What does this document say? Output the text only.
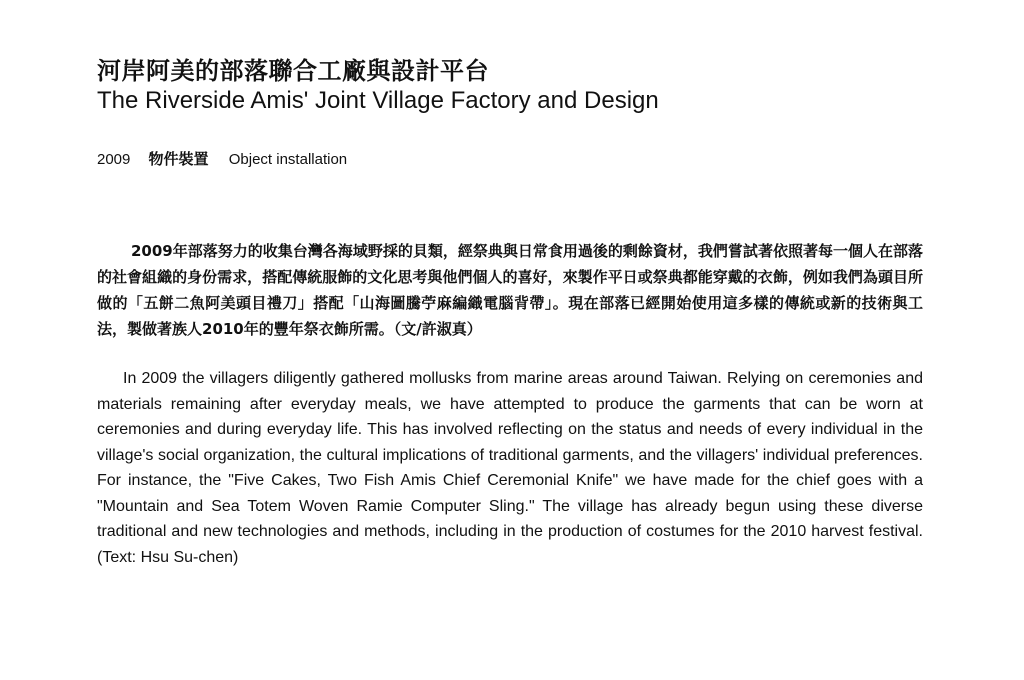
河岸阿美的部落聯合工廠與設計平台
The Riverside Amis' Joint Village Factory and Design
2009 物件裝置 Object installation

2009年部落努力的收集台灣各海域野採的貝類，經祭典與日常食用過後的剩餘資材，我們嘗試著依照著每一個人在部落的社會組織的身份需求，搭配傳統服飾的文化思考與他們個人的喜好，來製作平日或祭典都能穿戴的衣飾，例如我們為頭目所做的「五餅二魚阿美頭目禮刀」搭配「山海圖騰苧麻編織電腦背帶」。現在部落已經開始使用這多樣的傳統或新的技術與工法，製做著族人2010年的豐年祭衣飾所需。（文/許淑真）

In 2009 the villagers diligently gathered mollusks from marine areas around Taiwan. Relying on ceremonies and materials remaining after everyday meals, we have attempted to produce the garments that can be worn at ceremonies and during everyday life. This has involved reflecting on the status and needs of every individual in the village's social organization, the cultural implications of traditional garments, and the villagers' individual preferences. For instance, the "Five Cakes, Two Fish Amis Chief Ceremonial Knife" we have made for the chief goes with a "Mountain and Sea Totem Woven Ramie Computer Sling." The village has already begun using these diverse traditional and new technologies and methods, including in the production of costumes for the 2010 harvest festival. (Text: Hsu Su-chen)
